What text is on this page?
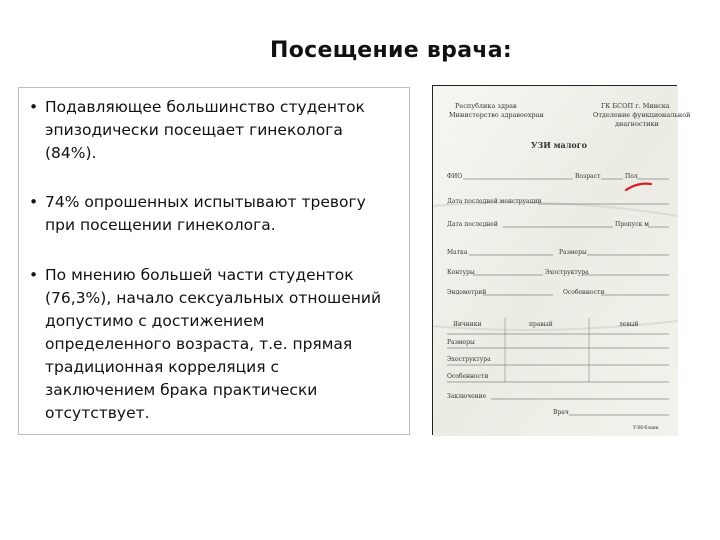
Посещение врача:
• Подавляющее большинство студенток
эпизодически посещает гинеколога
(84%).
• 74% опрошенных испытывают тревогу
при посещении гинеколога.
• По мнению большей части студенток
(76,3%), начало сексуальных отношений
допустимо с достижением
определенного возраста, т.е. прямая
традиционная корреляция с
заключением брака практически
отсутствует.
Республика здрав
Министерство здравоохран
ГК БСОП г. Минска
Отделение функциональной
диагностики
УЗИ малого
ФИО	Возраст	Пол
Дата последней менструации
Дата последней	Пропуск м
Матка	Размеры
Контуры	Эхоструктура
Эндометрий	Особенности
Яичники	правый	левый
Размеры
Эхоструктура
Особенности
Заключение
Врач
УЗИ-бланк
